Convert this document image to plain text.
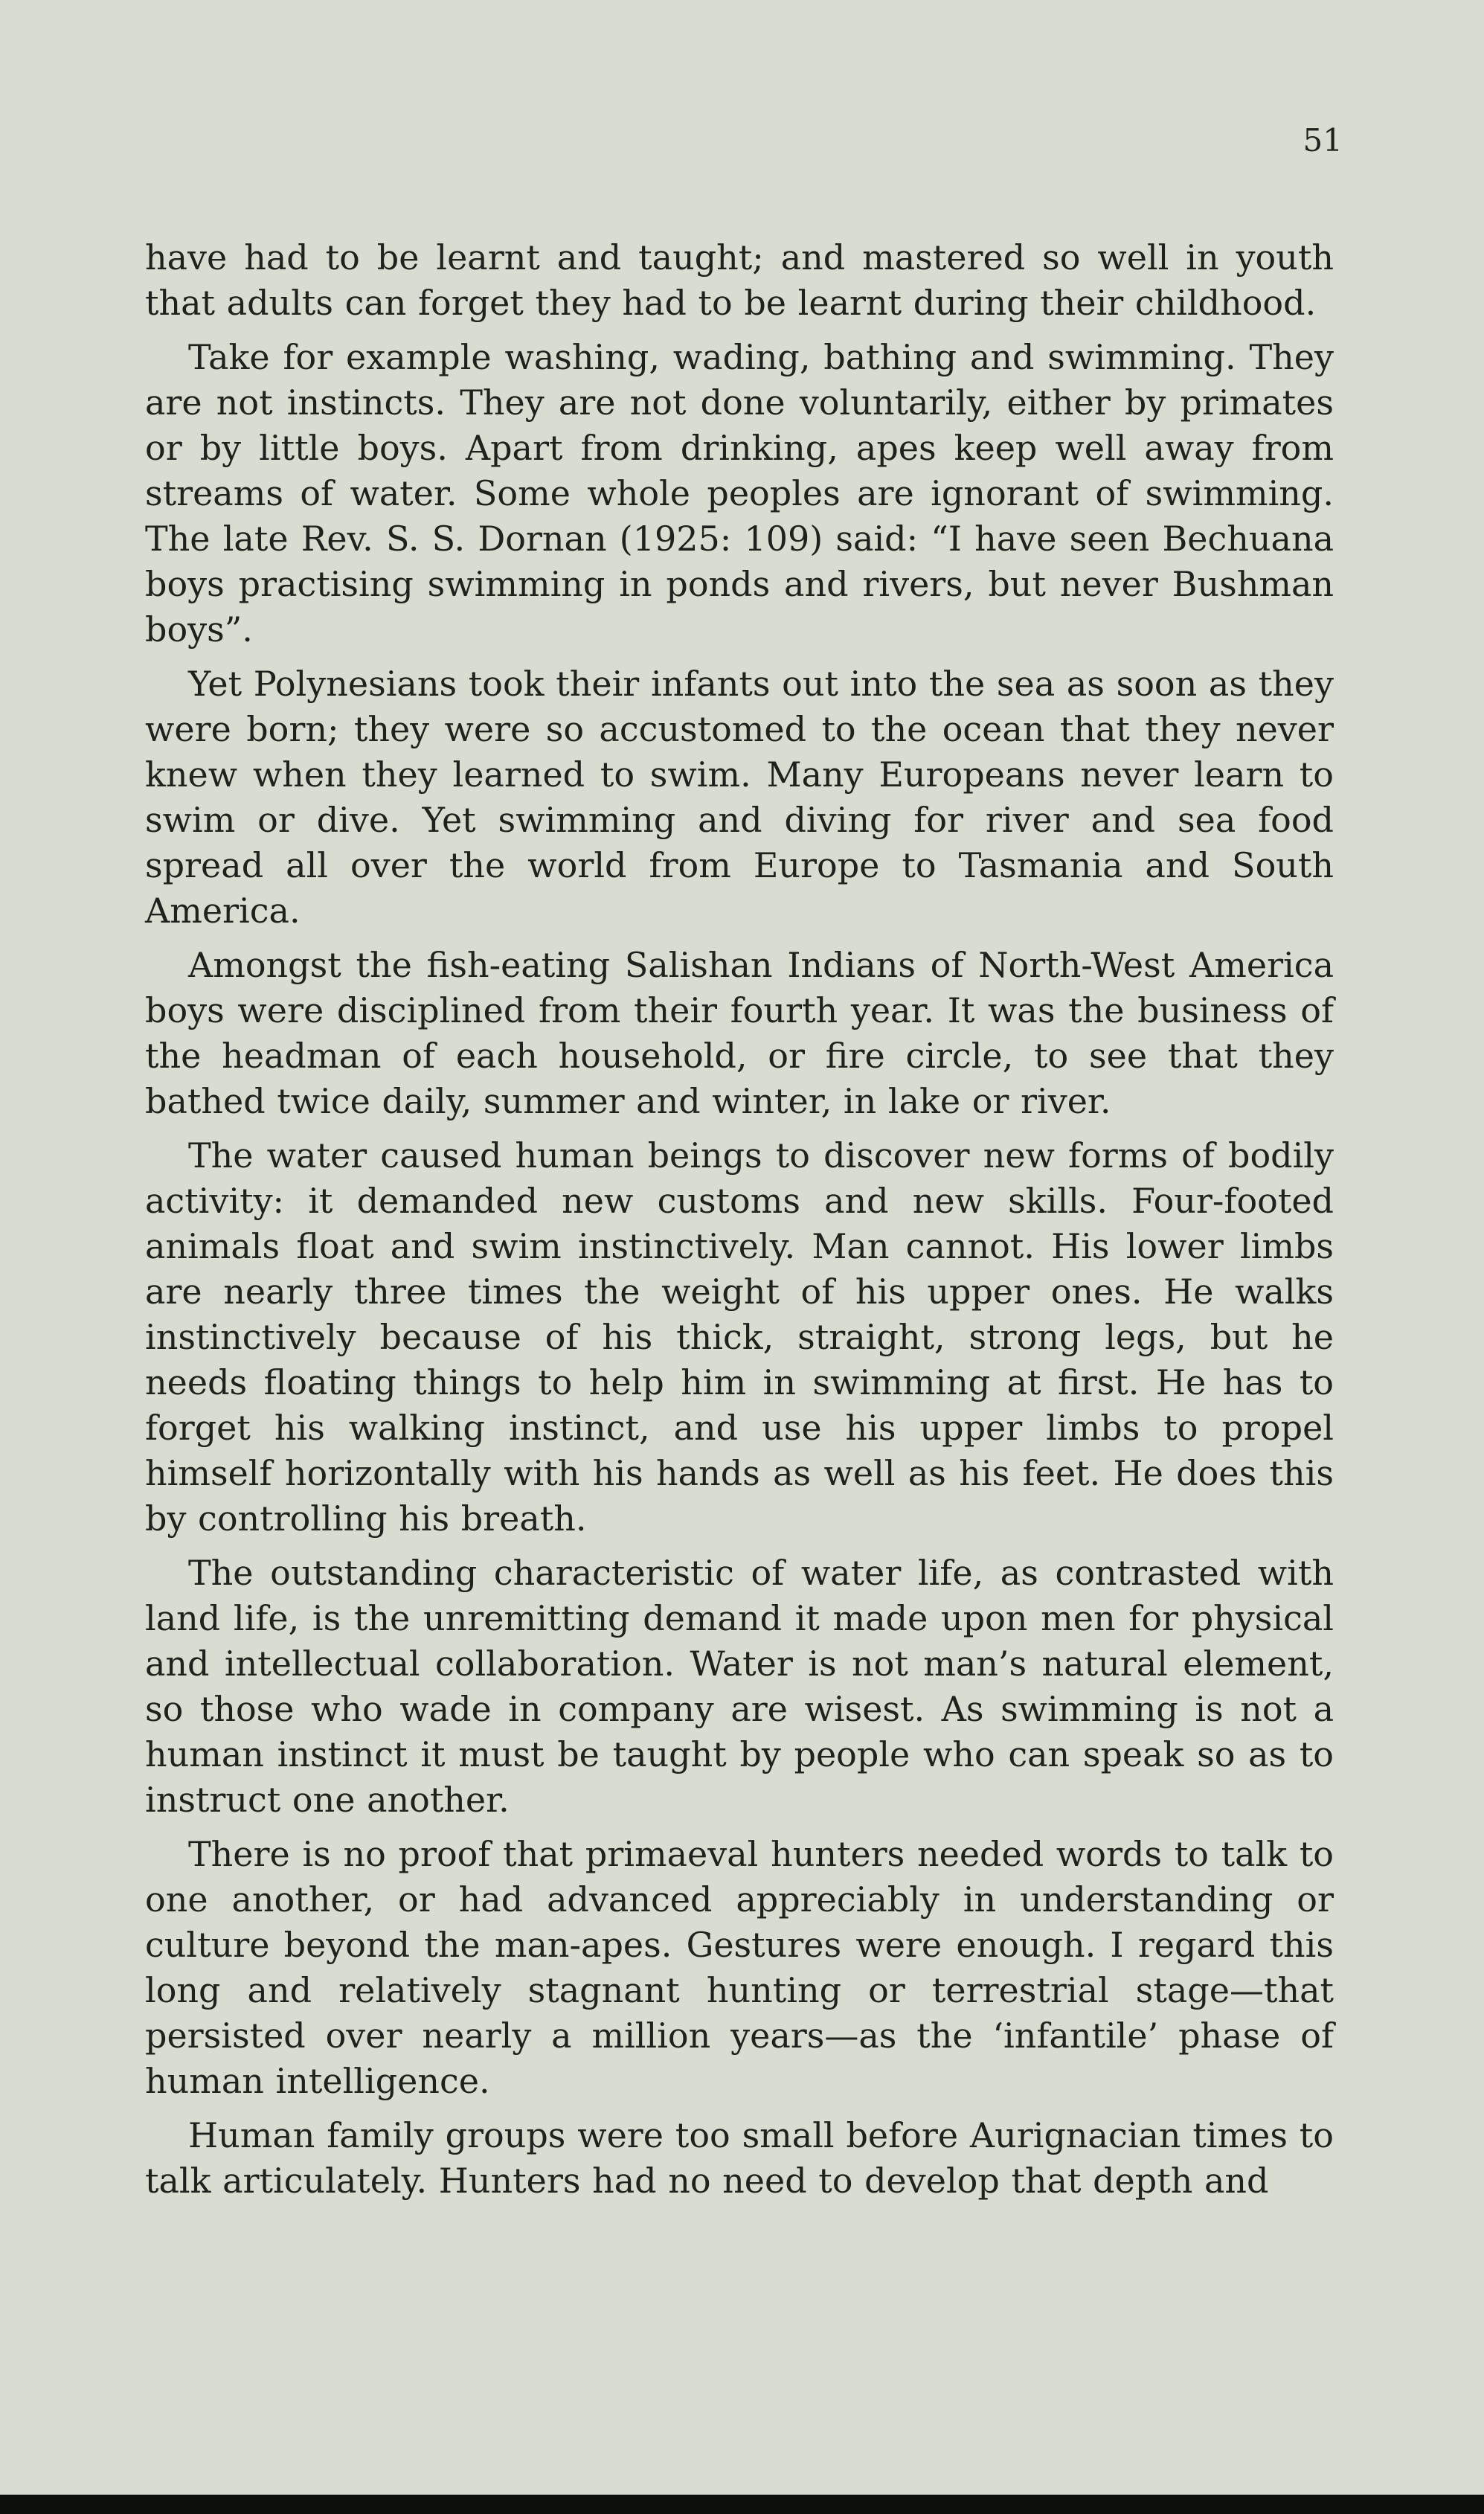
51

have had to be learnt and taught; and mastered so well in youth that adults can forget they had to be learnt during their childhood.

Take for example washing, wading, bathing and swimming. They are not instincts. They are not done voluntarily, either by primates or by little boys. Apart from drinking, apes keep well away from streams of water. Some whole peoples are ignorant of swimming. The late Rev. S. S. Dornan (1925: 109) said: “I have seen Bechuana boys practising swimming in ponds and rivers, but never Bushman boys”.

Yet Polynesians took their infants out into the sea as soon as they were born; they were so accustomed to the ocean that they never knew when they learned to swim. Many Europeans never learn to swim or dive. Yet swimming and diving for river and sea food spread all over the world from Europe to Tasmania and South America.

Amongst the fish-eating Salishan Indians of North-West America boys were disciplined from their fourth year. It was the business of the headman of each household, or fire circle, to see that they bathed twice daily, summer and winter, in lake or river.

The water caused human beings to discover new forms of bodily activity: it demanded new customs and new skills. Four-footed animals float and swim instinctively. Man cannot. His lower limbs are nearly three times the weight of his upper ones. He walks instinctively because of his thick, straight, strong legs, but he needs floating things to help him in swimming at first. He has to forget his walking instinct, and use his upper limbs to propel himself horizontally with his hands as well as his feet. He does this by controlling his breath.

The outstanding characteristic of water life, as contrasted with land life, is the unremitting demand it made upon men for physical and intellectual collaboration. Water is not man’s natural element, so those who wade in company are wisest. As swimming is not a human instinct it must be taught by people who can speak so as to instruct one another.

There is no proof that primaeval hunters needed words to talk to one another, or had advanced appreciably in understanding or culture beyond the man-apes. Gestures were enough. I regard this long and relatively stagnant hunting or terrestrial stage—that persisted over nearly a million years—as the ‘infantile’ phase of human intelligence.

Human family groups were too small before Aurignacian times to talk articulately. Hunters had no need to develop that depth and
